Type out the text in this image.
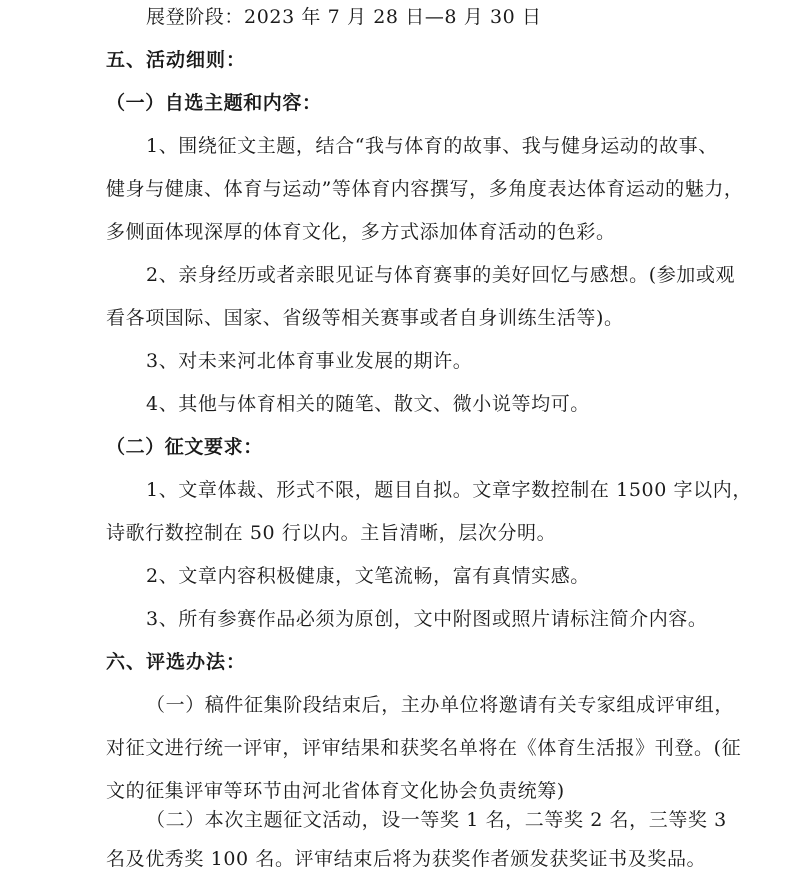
展登阶段：2023 年 7 月 28 日—8 月 30 日
五、活动细则：
（一）自选主题和内容：
1、围绕征文主题，结合“我与体育的故事、我与健身运动的故事、
健身与健康、体育与运动”等体育内容撰写，多角度表达体育运动的魅力，
多侧面体现深厚的体育文化，多方式添加体育活动的色彩。
2、亲身经历或者亲眼见证与体育赛事的美好回忆与感想。(参加或观
看各项国际、国家、省级等相关赛事或者自身训练生活等)。
3、对未来河北体育事业发展的期许。
4、其他与体育相关的随笔、散文、微小说等均可。
（二）征文要求：
1、文章体裁、形式不限，题目自拟。文章字数控制在 1500 字以内，
诗歌行数控制在 50 行以内。主旨清晰，层次分明。
2、文章内容积极健康，文笔流畅，富有真情实感。
3、所有参赛作品必须为原创，文中附图或照片请标注简介内容。
六、评选办法：
（一）稿件征集阶段结束后，主办单位将邀请有关专家组成评审组，
对征文进行统一评审，评审结果和获奖名单将在《体育生活报》刊登。(征
文的征集评审等环节由河北省体育文化协会负责统筹)
（二）本次主题征文活动，设一等奖 1 名，二等奖 2 名，三等奖 3
名及优秀奖 100 名。评审结束后将为获奖作者颁发获奖证书及奖品。
